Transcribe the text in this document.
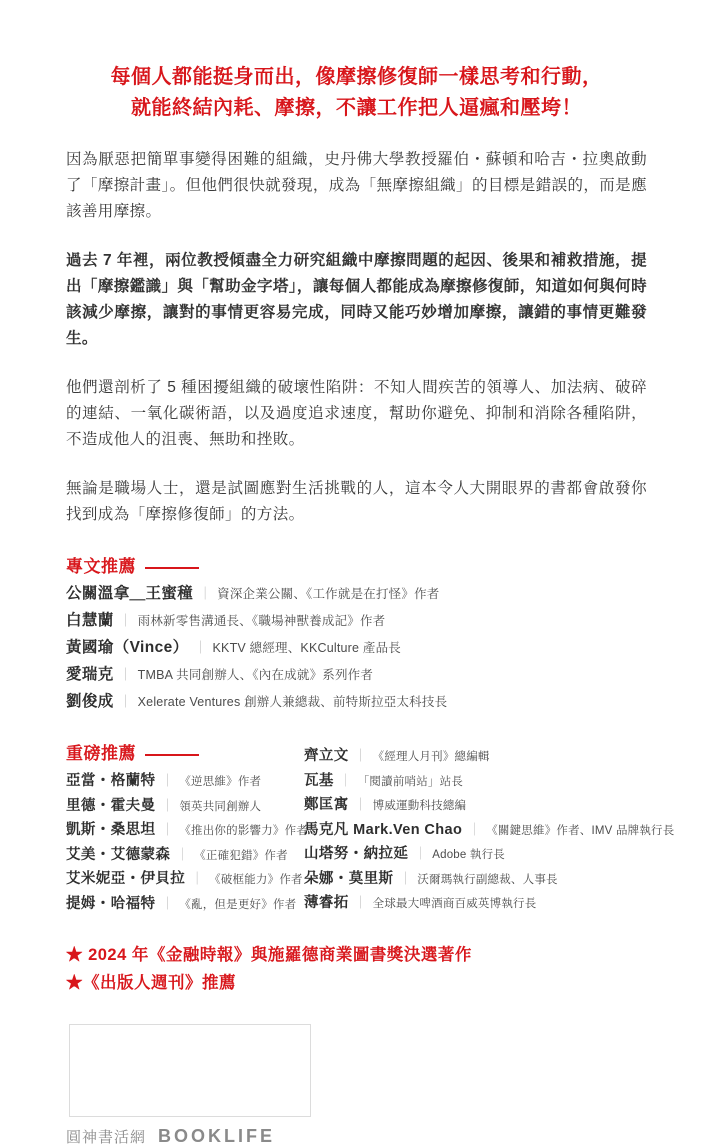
每個人都能挺身而出，像摩擦修復師一樣思考和行動，
就能終結內耗、摩擦，不讓工作把人逼瘋和壓垮！

因為厭惡把簡單事變得困難的組織，史丹佛大學教授羅伯・蘇頓和哈吉・拉奧啟動了「摩擦計畫」。但他們很快就發現，成為「無摩擦組織」的目標是錯誤的，而是應該善用摩擦。

過去 7 年裡，兩位教授傾盡全力研究組織中摩擦問題的起因、後果和補救措施，提出「摩擦鑑識」與「幫助金字塔」，讓每個人都能成為摩擦修復師，知道如何與何時該減少摩擦，讓對的事情更容易完成，同時又能巧妙增加摩擦，讓錯的事情更難發生。

他們還剖析了 5 種困擾組織的破壞性陷阱：不知人間疾苦的領導人、加法病、破碎的連結、一氧化碳術語，以及過度追求速度，幫助你避免、抑制和消除各種陷阱，不造成他人的沮喪、無助和挫敗。

無論是職場人士，還是試圖應對生活挑戰的人，這本令人大開眼界的書都會啟發你找到成為「摩擦修復師」的方法。

專文推薦
公關溫拿＿王蜜穜 ｜ 資深企業公關、《工作就是在打怪》作者
白慧蘭 ｜ 雨林新零售溝通長、《職場神獸養成記》作者
黃國瑜（Vince） ｜ KKTV 總經理、KKCulture 產品長
愛瑞克 ｜ TMBA 共同創辦人、《內在成就》系列作者
劉俊成 ｜ Xelerate Ventures 創辦人兼總裁、前特斯拉亞太科技長
重磅推薦
亞當・格蘭特 ｜ 《逆思維》作者
里德・霍夫曼 ｜ 領英共同創辦人
凱斯・桑思坦 ｜ 《推出你的影響力》作者
艾美・艾德蒙森 ｜ 《正確犯錯》作者
艾米妮亞・伊貝拉 ｜ 《破框能力》作者
提姆・哈福特 ｜ 《亂，但是更好》作者
齊立文 ｜ 《經理人月刊》總編輯
瓦基 ｜ 「閱讀前哨站」站長
鄭匡寓 ｜ 博威運動科技總編
馬克凡 Mark.Ven Chao ｜ 《關鍵思維》作者、IMV 品牌執行長
山塔努・納拉延 ｜ Adobe 執行長
朵娜・莫里斯 ｜ 沃爾瑪執行副總裁、人事長
薄睿拓 ｜ 全球最大啤酒商百威英博執行長
★ 2024 年《金融時報》與施羅德商業圖書獎決選著作
★《出版人週刊》推薦
圓神書活網 BOOKLIFE
